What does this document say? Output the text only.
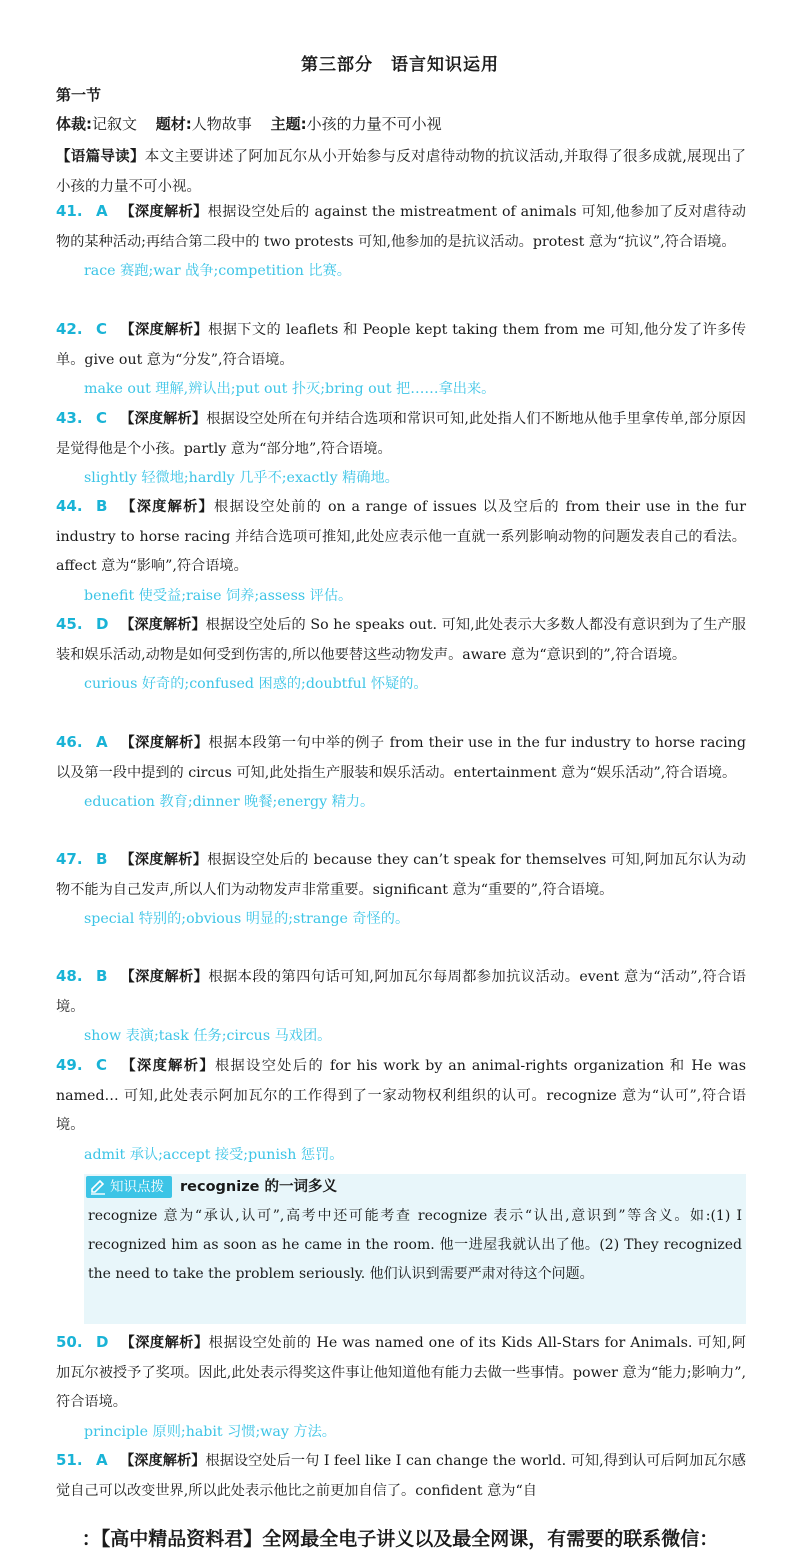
第三部分　语言知识运用
第一节
体裁:记叙文 题材:人物故事 主题:小孩的力量不可小视
【语篇导读】本文主要讲述了阿加瓦尔从小开始参与反对虐待动物的抗议活动,并取得了很多成就,展现出了小孩的力量不可小视。
41. A 【深度解析】根据设空处后的 against the mistreatment of animals 可知,他参加了反对虐待动物的某种活动;再结合第二段中的 two protests 可知,他参加的是抗议活动。protest 意为“抗议”,符合语境。
race 赛跑;war 战争;competition 比赛。
42. C 【深度解析】根据下文的 leaflets 和 People kept taking them from me 可知,他分发了许多传单。give out 意为“分发”,符合语境。
make out 理解,辨认出;put out 扑灭;bring out 把……拿出来。
43. C 【深度解析】根据设空处所在句并结合选项和常识可知,此处指人们不断地从他手里拿传单,部分原因是觉得他是个小孩。partly 意为“部分地”,符合语境。
slightly 轻微地;hardly 几乎不;exactly 精确地。
44. B 【深度解析】根据设空处前的 on a range of issues 以及空后的 from their use in the fur industry to horse racing 并结合选项可推知,此处应表示他一直就一系列影响动物的问题发表自己的看法。affect 意为“影响”,符合语境。
benefit 使受益;raise 饲养;assess 评估。
45. D 【深度解析】根据设空处后的 So he speaks out. 可知,此处表示大多数人都没有意识到为了生产服装和娱乐活动,动物是如何受到伤害的,所以他要替这些动物发声。aware 意为“意识到的”,符合语境。
curious 好奇的;confused 困惑的;doubtful 怀疑的。
46. A 【深度解析】根据本段第一句中举的例子 from their use in the fur industry to horse racing 以及第一段中提到的 circus 可知,此处指生产服装和娱乐活动。entertainment 意为“娱乐活动”,符合语境。
education 教育;dinner 晚餐;energy 精力。
47. B 【深度解析】根据设空处后的 because they can’t speak for themselves 可知,阿加瓦尔认为动物不能为自己发声,所以人们为动物发声非常重要。significant 意为“重要的”,符合语境。
special 特别的;obvious 明显的;strange 奇怪的。
48. B 【深度解析】根据本段的第四句话可知,阿加瓦尔每周都参加抗议活动。event 意为“活动”,符合语境。
show 表演;task 任务;circus 马戏团。
49. C 【深度解析】根据设空处后的 for his work by an animal-rights organization 和 He was named… 可知,此处表示阿加瓦尔的工作得到了一家动物权利组织的认可。recognize 意为“认可”,符合语境。
admit 承认;accept 接受;punish 惩罚。
知识点拨 recognize 的一词多义
recognize 意为“承认,认可”,高考中还可能考查 recognize 表示“认出,意识到”等含义。如:(1) I recognized him as soon as he came in the room. 他一进屋我就认出了他。(2) They recognized the need to take the problem seriously. 他们认识到需要严肃对待这个问题。
50. D 【深度解析】根据设空处前的 He was named one of its Kids All-Stars for Animals. 可知,阿加瓦尔被授予了奖项。因此,此处表示得奖这件事让他知道他有能力去做一些事情。power 意为“能力;影响力”,符合语境。
principle 原则;habit 习惯;way 方法。
51. A 【深度解析】根据设空处后一句 I feel like I can change the world. 可知,得到认可后阿加瓦尔感觉自己可以改变世界,所以此处表示他比之前更加自信了。confident 意为“自
：【高中精品资料君】全网最全电子讲义以及最全网课，有需要的联系微信：
